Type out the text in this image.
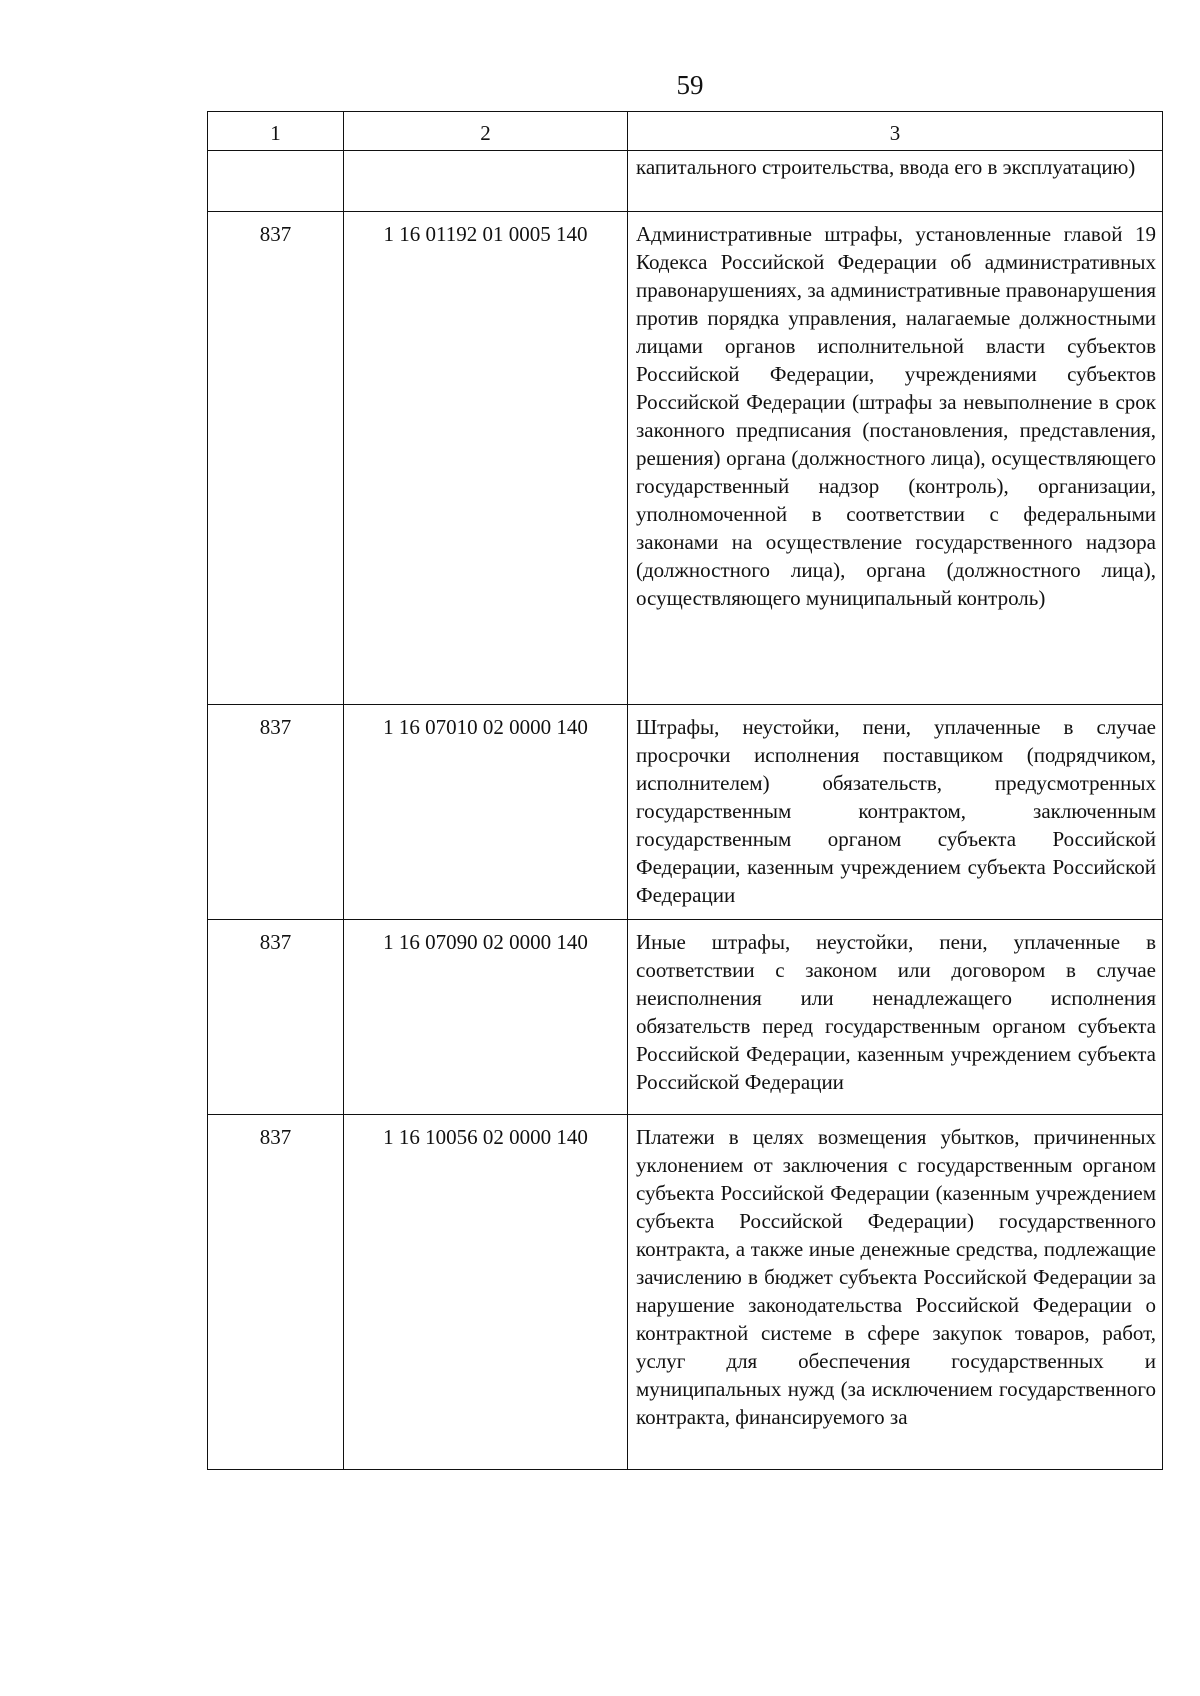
59
1	2	3
		капитального строительства, ввода его в эксплуатацию)
837	1 16 01192 01 0005 140	Административные штрафы, установленные главой 19 Кодекса Российской Федерации об административных правонарушениях, за административные правонарушения против порядка управления, налагаемые должностными лицами органов исполнительной власти субъектов Российской Федерации, учреждениями субъектов Российской Федерации (штрафы за невыполнение в срок законного предписания (постановления, представления, решения) органа (должностного лица), осуществляющего государственный надзор (контроль), организации, уполномоченной в соответствии с федеральными законами на осуществление государственного надзора (должностного лица), органа (должностного лица), осуществляющего муниципальный контроль)
837	1 16 07010 02 0000 140	Штрафы, неустойки, пени, уплаченные в случае просрочки исполнения поставщиком (подрядчиком, исполнителем) обязательств, предусмотренных государственным контрактом, заключенным государственным органом субъекта Российской Федерации, казенным учреждением субъекта Российской Федерации
837	1 16 07090 02 0000 140	Иные штрафы, неустойки, пени, уплаченные в соответствии с законом или договором в случае неисполнения или ненадлежащего исполнения обязательств перед государственным органом субъекта Российской Федерации, казенным учреждением субъекта Российской Федерации
837	1 16 10056 02 0000 140	Платежи в целях возмещения убытков, причиненных уклонением от заключения с государственным органом субъекта Российской Федерации (казенным учреждением субъекта Российской Федерации) государственного контракта, а также иные денежные средства, подлежащие зачислению в бюджет субъекта Российской Федерации за нарушение законодательства Российской Федерации о контрактной системе в сфере закупок товаров, работ, услуг для обеспечения государственных и муниципальных нужд (за исключением государственного контракта, финансируемого за
